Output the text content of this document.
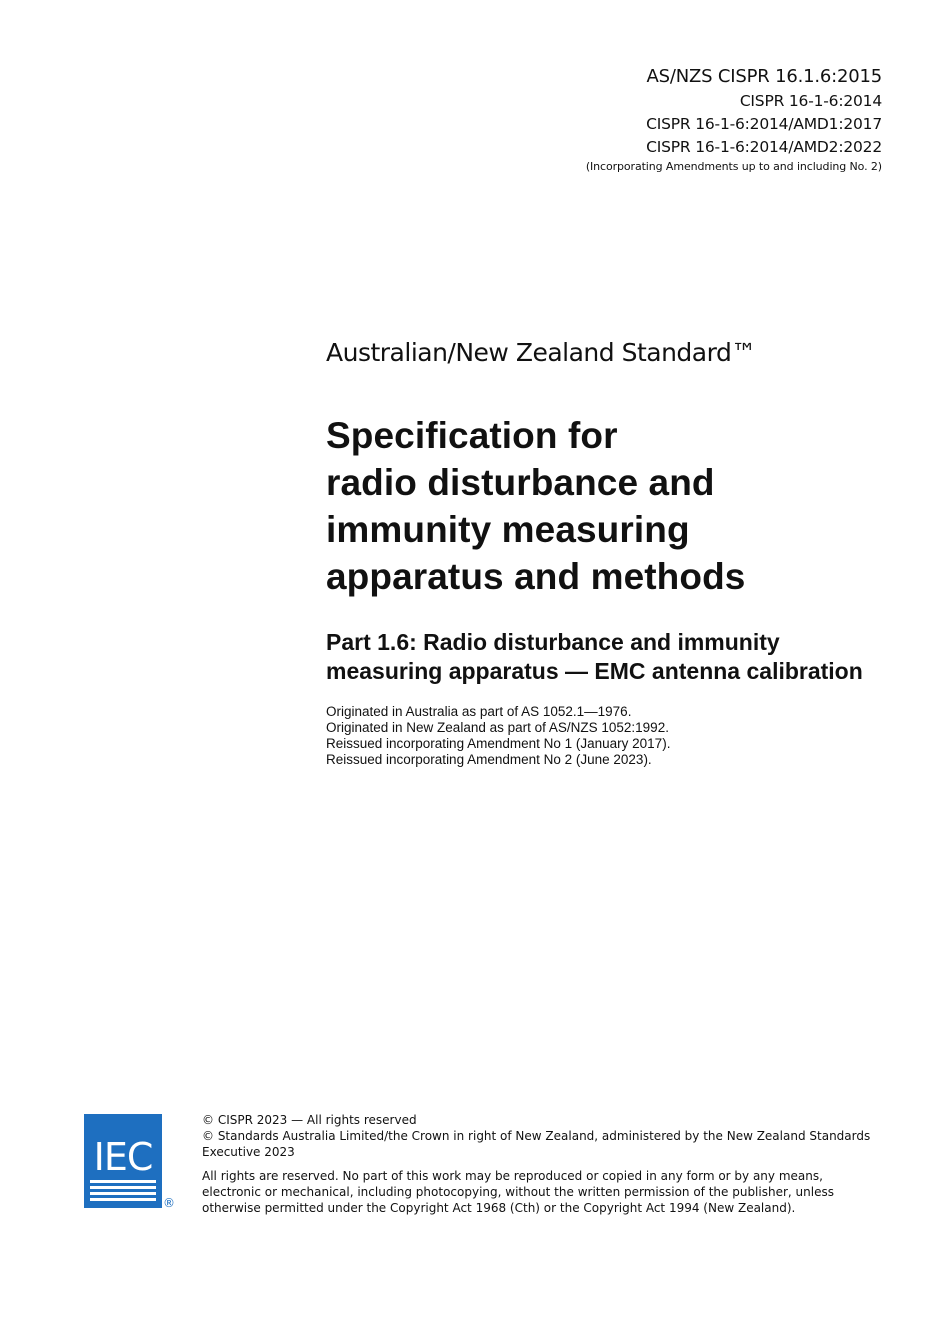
AS/NZS CISPR 16.1.6:2015
CISPR 16-1-6:2014
CISPR 16-1-6:2014/AMD1:2017
CISPR 16-1-6:2014/AMD2:2022
(Incorporating Amendments up to and including No. 2)
Australian/New Zealand Standard™
Specification for
radio disturbance and
immunity measuring
apparatus and methods
Part 1.6: Radio disturbance and immunity
measuring apparatus — EMC antenna calibration
Originated in Australia as part of AS 1052.1—1976.
Originated in New Zealand as part of AS/NZS 1052:1992.
Reissued incorporating Amendment No 1 (January 2017).
Reissued incorporating Amendment No 2 (June 2023).
IEC
®
© CISPR 2023 — All rights reserved
© Standards Australia Limited/the Crown in right of New Zealand, administered by the New Zealand Standards
Executive 2023
All rights are reserved. No part of this work may be reproduced or copied in any form or by any means,
electronic or mechanical, including photocopying, without the written permission of the publisher, unless
otherwise permitted under the Copyright Act 1968 (Cth) or the Copyright Act 1994 (New Zealand).
